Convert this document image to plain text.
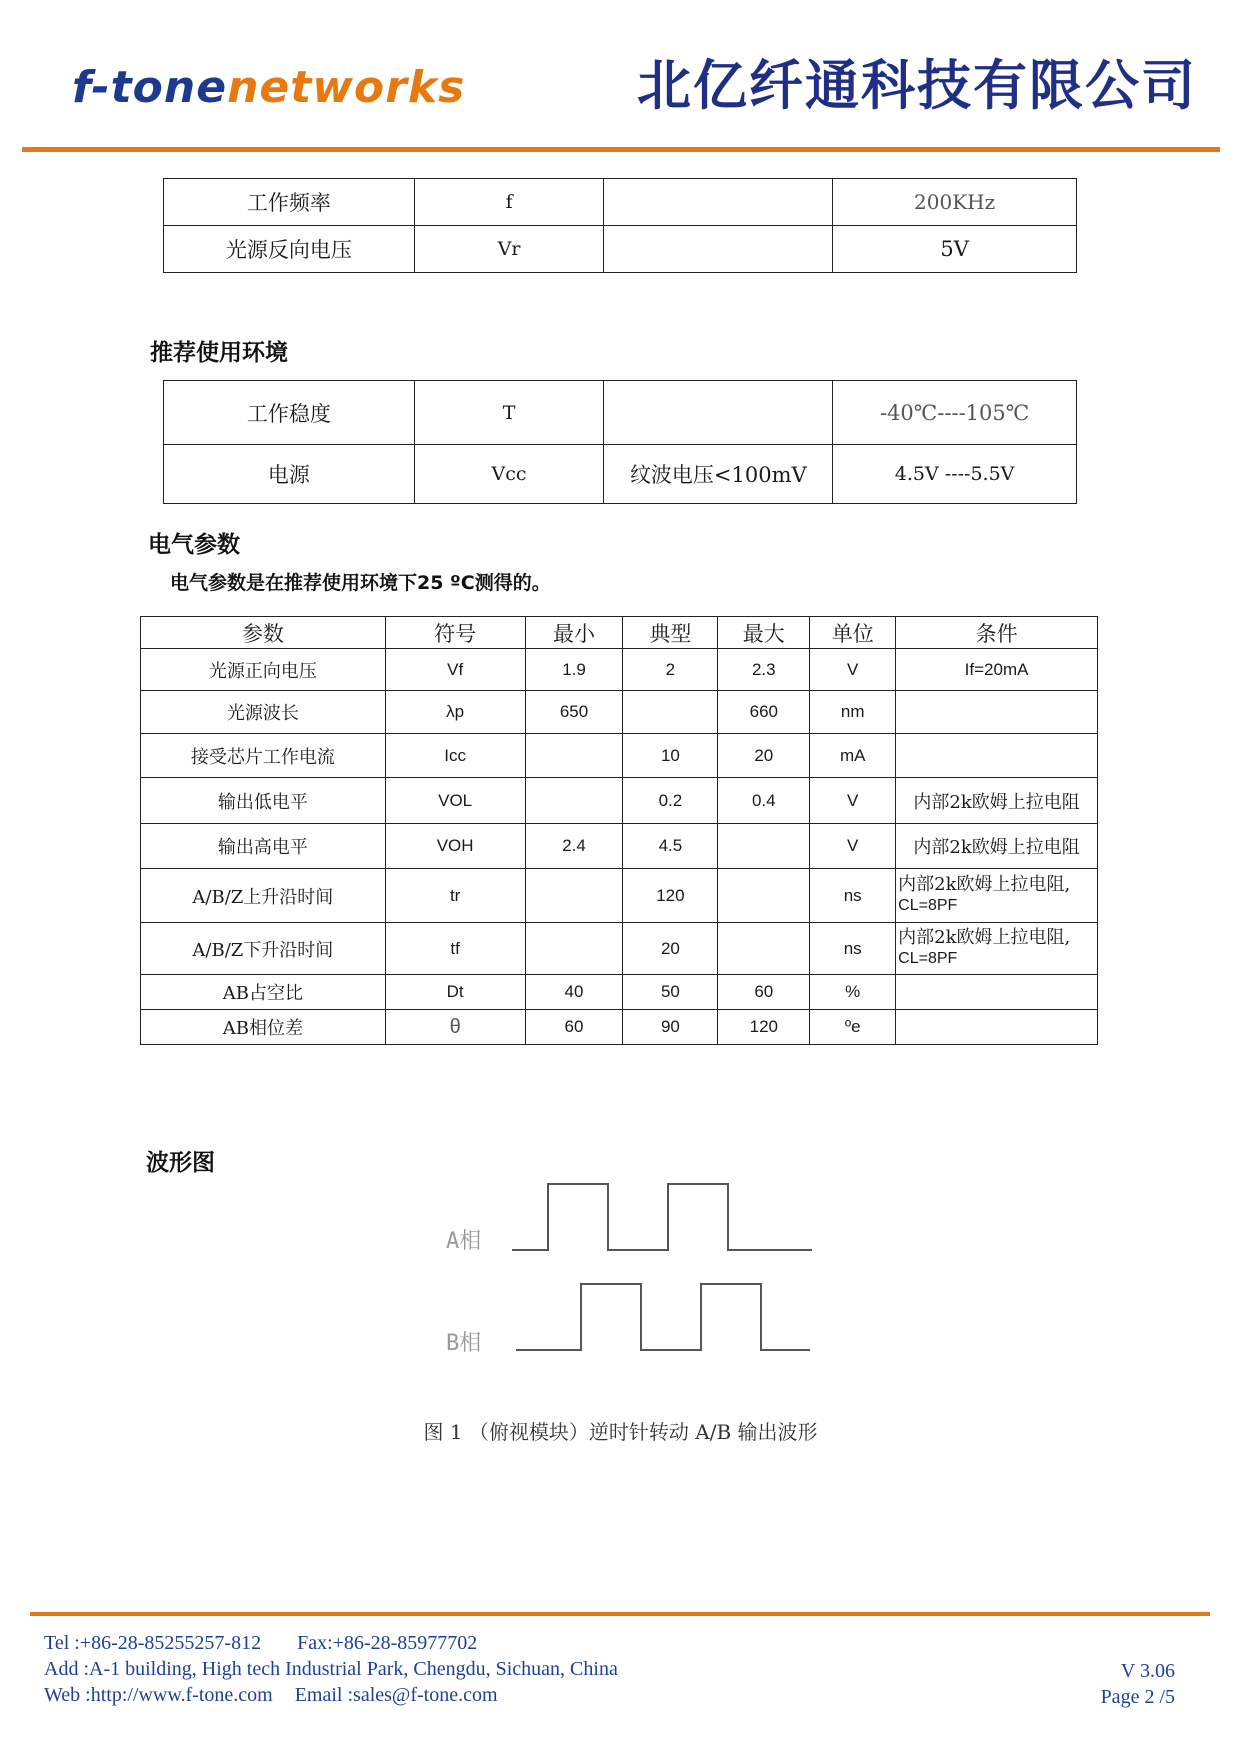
f-tonenetworks	北亿纤通科技有限公司
工作频率	f		200KHz
光源反向电压	Vr		5V
推荐使用环境
工作稳度	T		-40℃----105℃
电源	Vcc	纹波电压<100mV	4.5V ----5.5V
电气参数
电气参数是在推荐使用环境下25 ºC测得的。
参数	符号	最小	典型	最大	单位	条件
光源正向电压	Vf	1.9	2	2.3	V	If=20mA
光源波长	λp	650		660	nm	
接受芯片工作电流	Icc		10	20	mA	
输出低电平	VOL		0.2	0.4	V	内部2k欧姆上拉电阻
输出高电平	VOH	2.4	4.5		V	内部2k欧姆上拉电阻
A/B/Z上升沿时间	tr		120		ns	内部2k欧姆上拉电阻,
CL=8PF
A/B/Z下升沿时间	tf		20		ns	内部2k欧姆上拉电阻,
CL=8PF
AB占空比	Dt	40	50	60	%	
AB相位差	θ	60	90	120	ºe	
波形图
A相
B相
图 1 （俯视模块）逆时针转动 A/B 输出波形
Tel :+86-28-85255257-812 Fax:+86-28-85977702
Add :A-1 building, High tech Industrial Park, Chengdu, Sichuan, China
Web :http://www.f-tone.com Email :sales@f-tone.com
V 3.06
Page 2 /5
